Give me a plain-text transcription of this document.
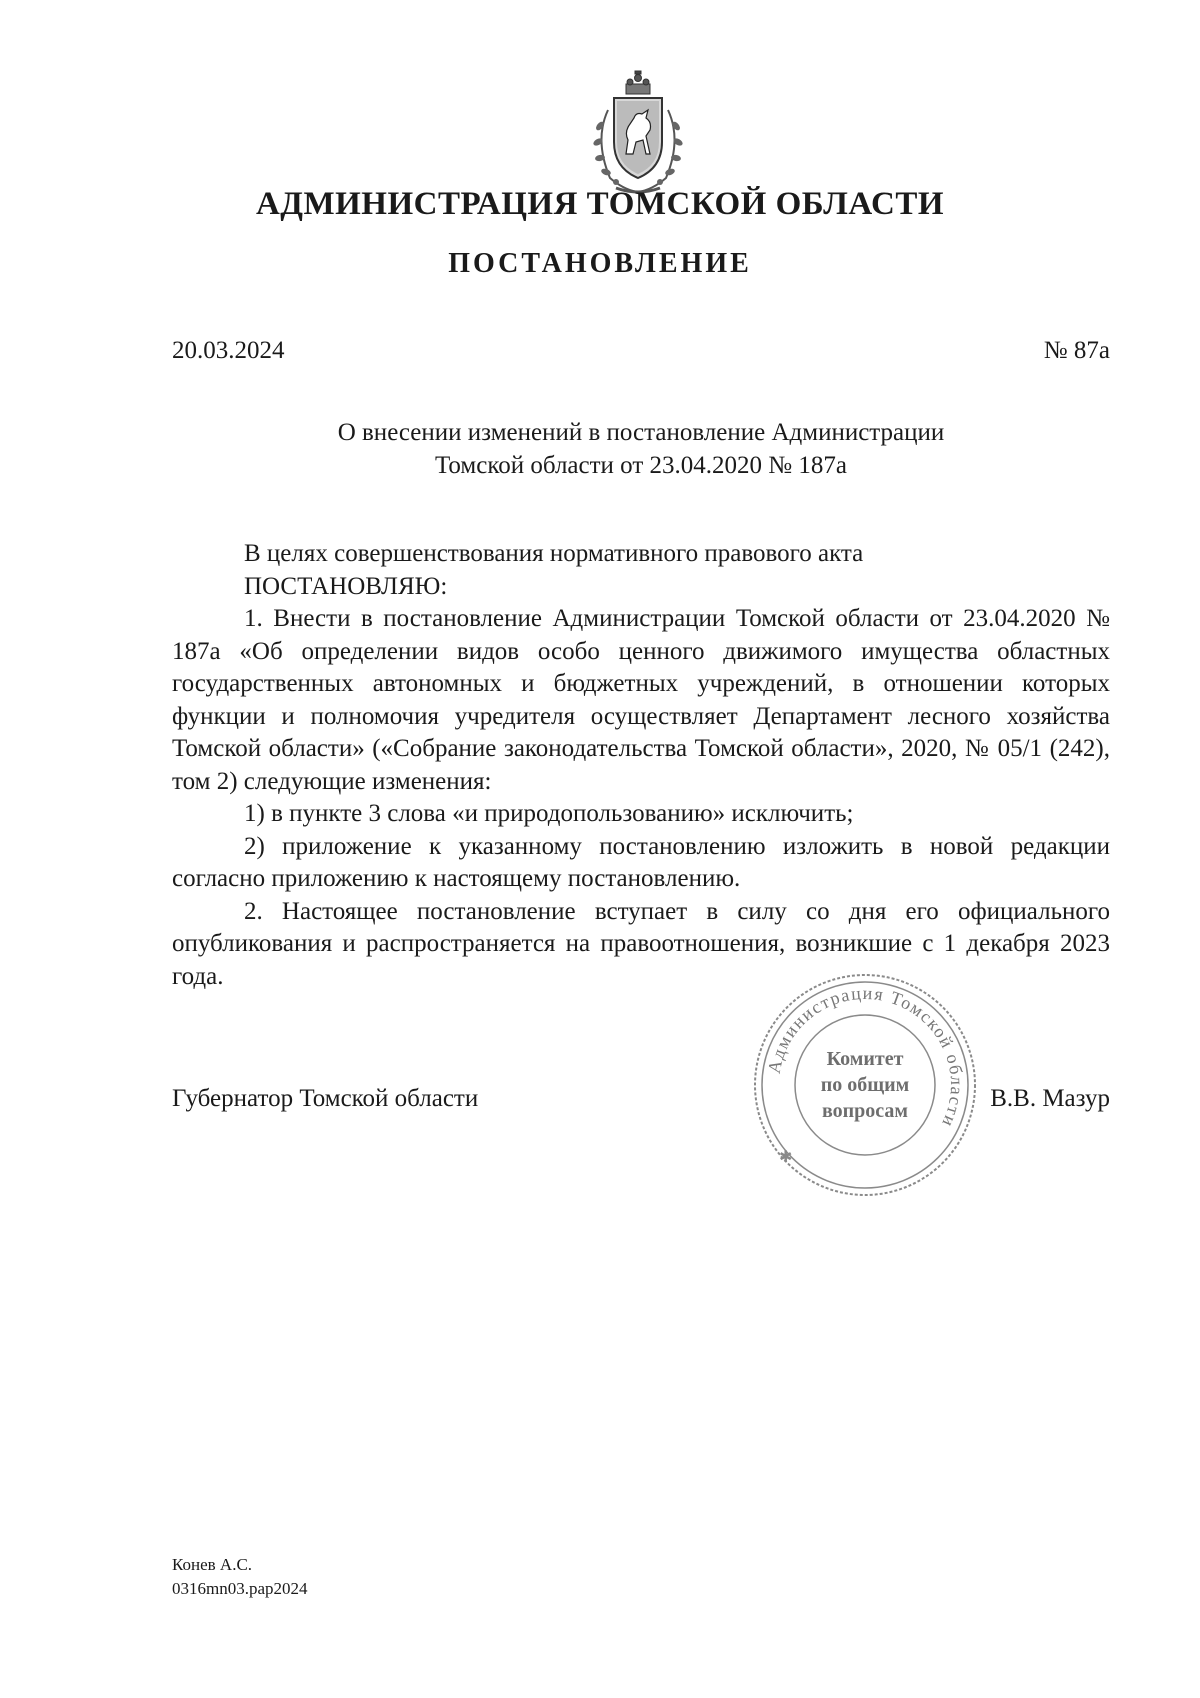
АДМИНИСТРАЦИЯ ТОМСКОЙ ОБЛАСТИ
ПОСТАНОВЛЕНИЕ
20.03.2024	№ 87а
О внесении изменений в постановление Администрации
Томской области от 23.04.2020 № 187а

В целях совершенствования нормативного правового акта

ПОСТАНОВЛЯЮ:

1. Внести в постановление Администрации Томской области от 23.04.2020 № 187а «Об определении видов особо ценного движимого имущества областных государственных автономных и бюджетных учреждений, в отношении которых функции и полномочия учредителя осуществляет Департамент лесного хозяйства Томской области» («Собрание законодательства Томской области», 2020, № 05/1 (242), том 2) следующие изменения:

1) в пункте 3 слова «и природопользованию» исключить;

2) приложение к указанному постановлению изложить в новой редакции согласно приложению к настоящему постановлению.

2. Настоящее постановление вступает в силу со дня его официального опубликования и распространяется на правоотношения, возникшие с 1 декабря 2023 года.

Губернатор Томской области
Администрация Томской области
Комитет
по общим
вопросам
✱
В.В. Мазур
Конев А.С.
0316mn03.pap2024
